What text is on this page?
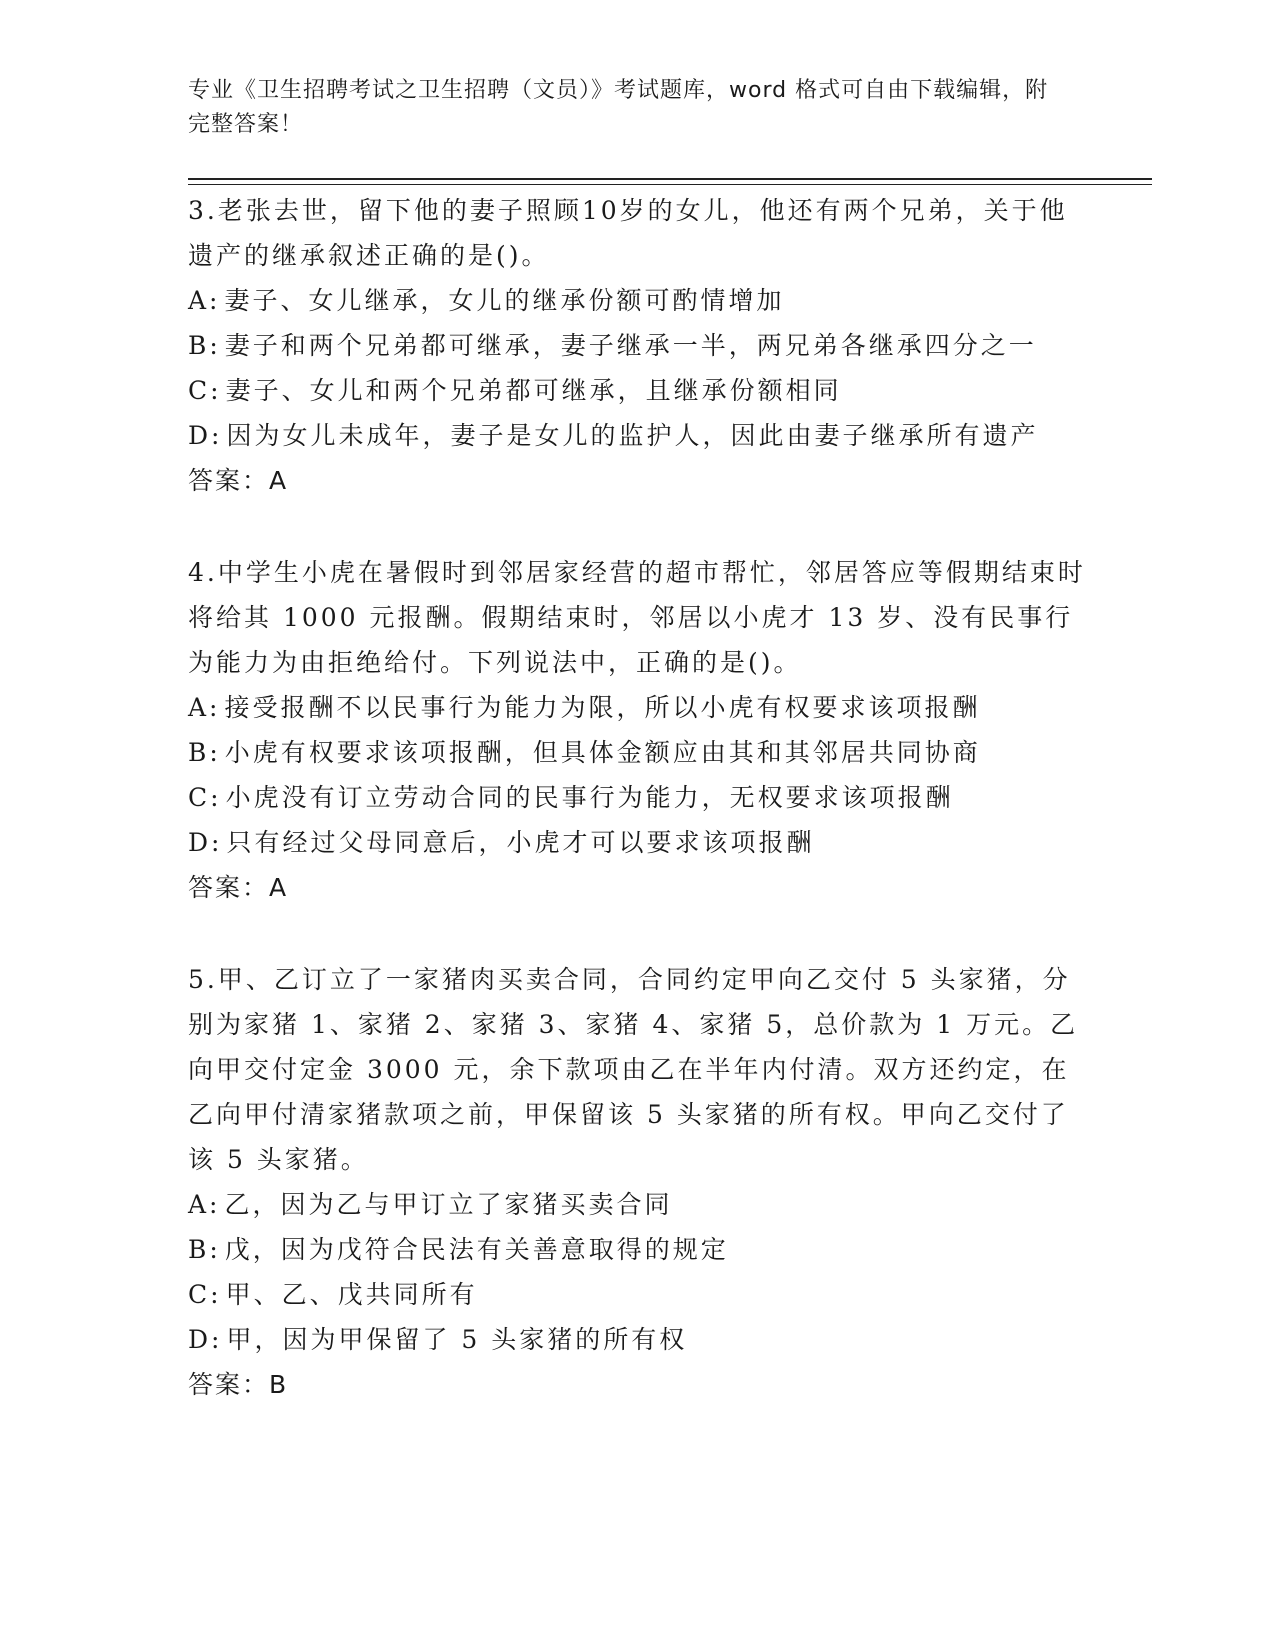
专业《卫生招聘考试之卫生招聘（文员）》考试题库，word 格式可自由下载编辑，附完整答案！
3.老张去世，留下他的妻子照顾10岁的女儿，他还有两个兄弟，关于他遗产的继承叙述正确的是()。
A: 妻子、女儿继承，女儿的继承份额可酌情增加
B: 妻子和两个兄弟都可继承，妻子继承一半，两兄弟各继承四分之一
C: 妻子、女儿和两个兄弟都可继承，且继承份额相同
D: 因为女儿未成年，妻子是女儿的监护人，因此由妻子继承所有遗产
答案：A
4.中学生小虎在暑假时到邻居家经营的超市帮忙，邻居答应等假期结束时将给其 1000 元报酬。假期结束时，邻居以小虎才 13 岁、没有民事行为能力为由拒绝给付。下列说法中，正确的是()。
A: 接受报酬不以民事行为能力为限，所以小虎有权要求该项报酬
B: 小虎有权要求该项报酬，但具体金额应由其和其邻居共同协商
C: 小虎没有订立劳动合同的民事行为能力，无权要求该项报酬
D: 只有经过父母同意后，小虎才可以要求该项报酬
答案：A
5.甲、乙订立了一家猪肉买卖合同，合同约定甲向乙交付 5 头家猪，分别为家猪 1、家猪 2、家猪 3、家猪 4、家猪 5，总价款为 1 万元。乙向甲交付定金 3000 元，余下款项由乙在半年内付清。双方还约定，在乙向甲付清家猪款项之前，甲保留该 5 头家猪的所有权。甲向乙交付了该 5 头家猪。
A: 乙，因为乙与甲订立了家猪买卖合同
B: 戊，因为戊符合民法有关善意取得的规定
C: 甲、乙、戊共同所有
D: 甲，因为甲保留了 5 头家猪的所有权
答案：B
